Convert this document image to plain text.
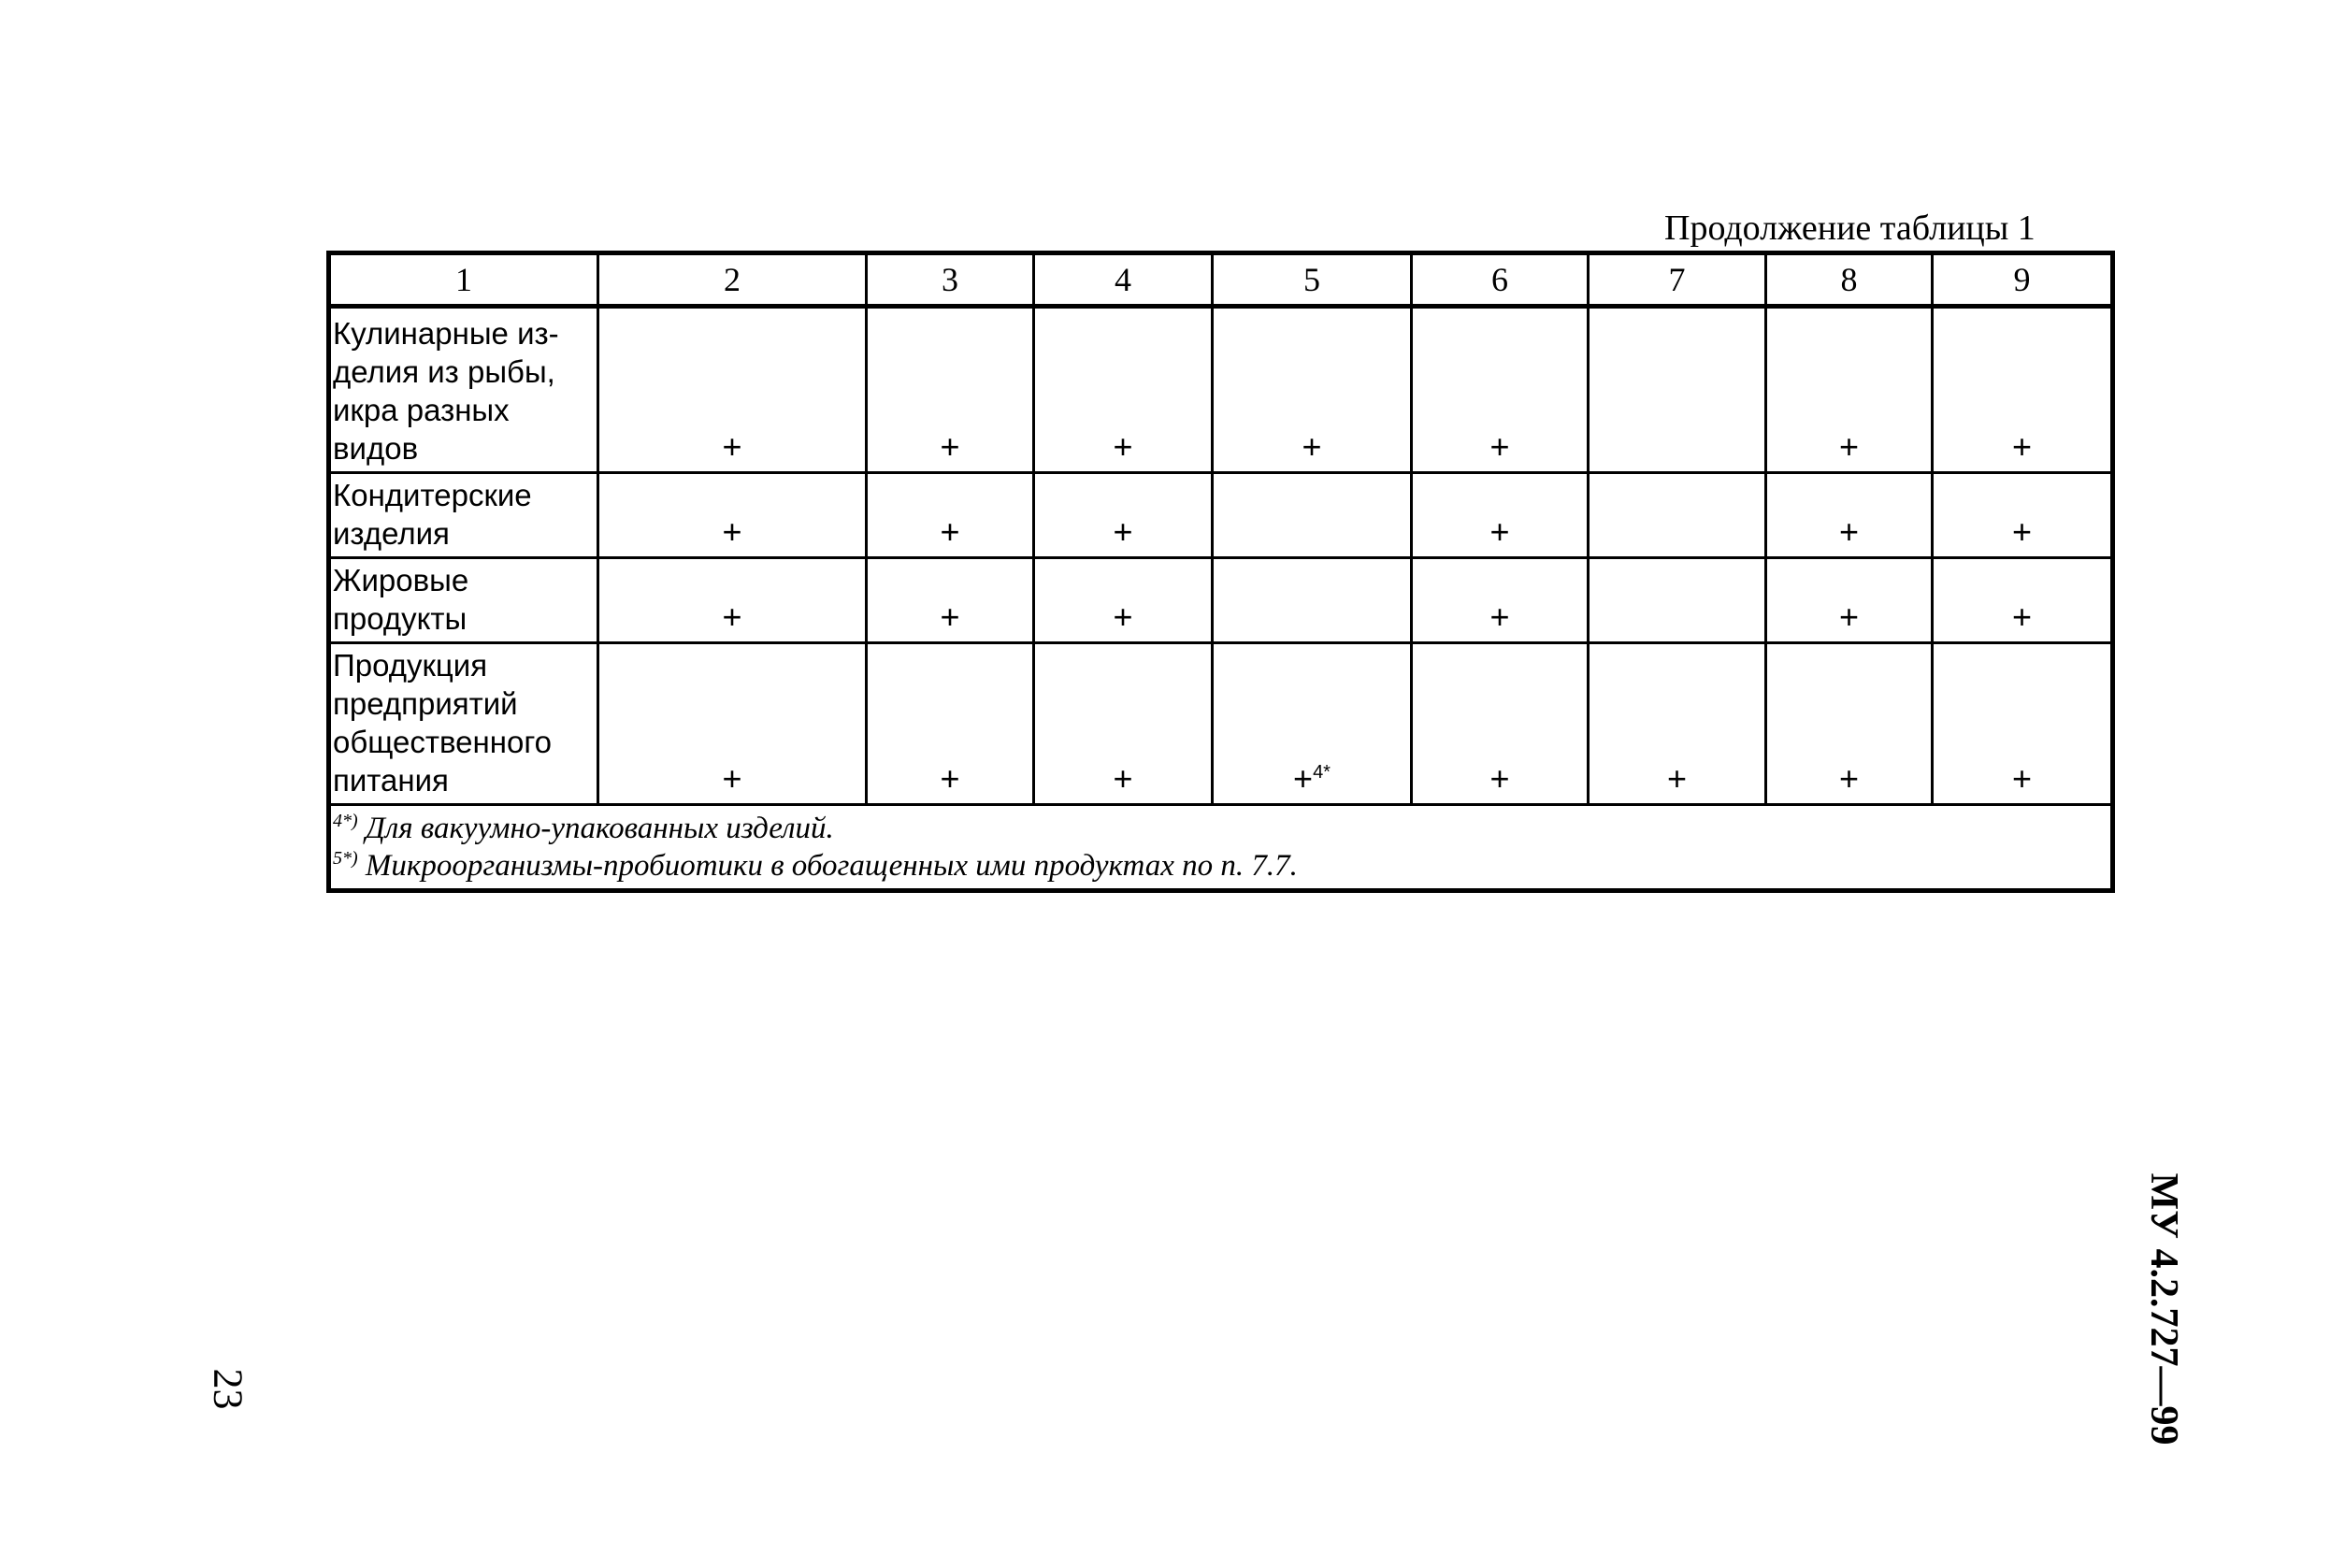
Продолжение таблицы 1
1	2	3	4	5	6	7	8	9

Кулинарные из-
делия из рыбы,
икра разных
видов	+	+	+	+	+		+	+

Кондитерские
изделия	+	+	+		+		+	+

Жировые
продукты	+	+	+		+		+	+

Продукция
предприятий
общественного
питания	+	+	+	+$^{4*}$	+	+	+	+

$^{4*)}$ Для вакуумно-упакованных изделий.
$^{5*)}$ Микроорганизмы-пробиотики в обогащенных ими продуктах по п. 7.7.								
23	МУ 4.2.727—99
